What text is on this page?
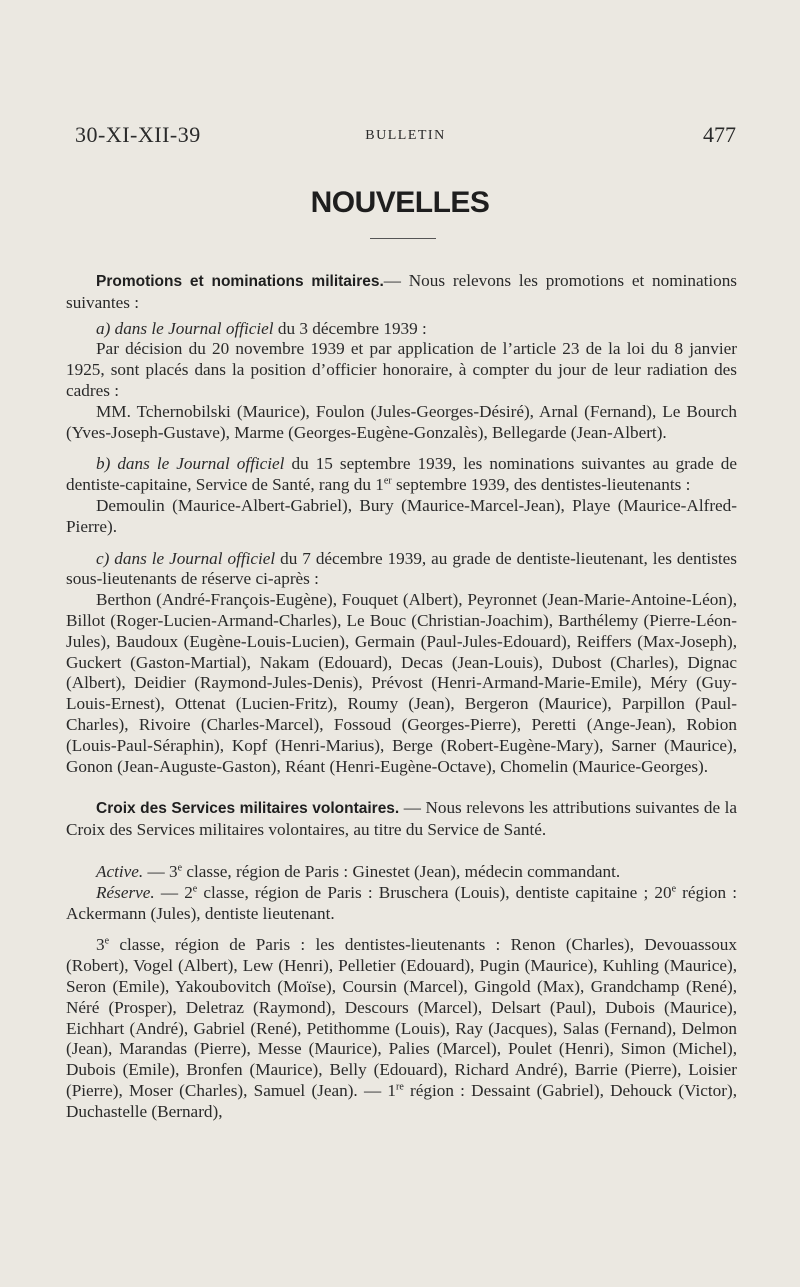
30-XI-XII-39	BULLETIN	477
NOUVELLES

Promotions et nominations militaires.— Nous relevons les promotions et nominations suivantes :

a) dans le Journal officiel du 3 décembre 1939 :

Par décision du 20 novembre 1939 et par application de l’article 23 de la loi du 8 janvier 1925, sont placés dans la position d’officier honoraire, à compter du jour de leur radiation des cadres :

MM. Tchernobilski (Maurice), Foulon (Jules-Georges-Désiré), Arnal (Fernand), Le Bourch (Yves-Joseph-Gustave), Marme (Georges-Eugène-Gonzalès), Bellegarde (Jean-Albert).

b) dans le Journal officiel du 15 septembre 1939, les nominations suivantes au grade de dentiste-capitaine, Service de Santé, rang du 1er septembre 1939, des dentistes-lieutenants :

Demoulin (Maurice-Albert-Gabriel), Bury (Maurice-Marcel-Jean), Playe (Maurice-Alfred-Pierre).

c) dans le Journal officiel du 7 décembre 1939, au grade de dentiste-lieutenant, les dentistes sous-lieutenants de réserve ci-après :

Berthon (André-François-Eugène), Fouquet (Albert), Peyronnet (Jean-Marie-Antoine-Léon), Billot (Roger-Lucien-Armand-Charles), Le Bouc (Christian-Joachim), Barthélemy (Pierre-Léon-Jules), Baudoux (Eugène-Louis-Lucien), Germain (Paul-Jules-Edouard), Reiffers (Max-Joseph), Guckert (Gaston-Martial), Nakam (Edouard), Decas (Jean-Louis), Dubost (Charles), Dignac (Albert), Deidier (Raymond-Jules-Denis), Prévost (Henri-Armand-Marie-Emile), Méry (Guy-Louis-Ernest), Ottenat (Lucien-Fritz), Roumy (Jean), Bergeron (Maurice), Parpillon (Paul-Charles), Rivoire (Charles-Marcel), Fossoud (Georges-Pierre), Peretti (Ange-Jean), Robion (Louis-Paul-Séraphin), Kopf (Henri-Marius), Berge (Robert-Eugène-Mary), Sarner (Maurice), Gonon (Jean-Auguste-Gaston), Réant (Henri-Eugène-Octave), Chomelin (Maurice-Georges).

Croix des Services militaires volontaires. — Nous relevons les attributions suivantes de la Croix des Services militaires volontaires, au titre du Service de Santé.

Active. — 3e classe, région de Paris : Ginestet (Jean), médecin commandant.

Réserve. — 2e classe, région de Paris : Bruschera (Louis), dentiste capitaine ; 20e région : Ackermann (Jules), dentiste lieutenant.

3e classe, région de Paris : les dentistes-lieutenants : Renon (Charles), Devouassoux (Robert), Vogel (Albert), Lew (Henri), Pelletier (Edouard), Pugin (Maurice), Kuhling (Maurice), Seron (Emile), Yakoubovitch (Moïse), Coursin (Marcel), Gingold (Max), Grandchamp (René), Néré (Prosper), Deletraz (Raymond), Descours (Marcel), Delsart (Paul), Dubois (Maurice), Eichhart (André), Gabriel (René), Petithomme (Louis), Ray (Jacques), Salas (Fernand), Delmon (Jean), Marandas (Pierre), Messe (Maurice), Palies (Marcel), Poulet (Henri), Simon (Michel), Dubois (Emile), Bronfen (Maurice), Belly (Edouard), Richard André), Barrie (Pierre), Loisier (Pierre), Moser (Charles), Samuel (Jean). — 1re région : Dessaint (Gabriel), Dehouck (Victor), Duchastelle (Bernard),
